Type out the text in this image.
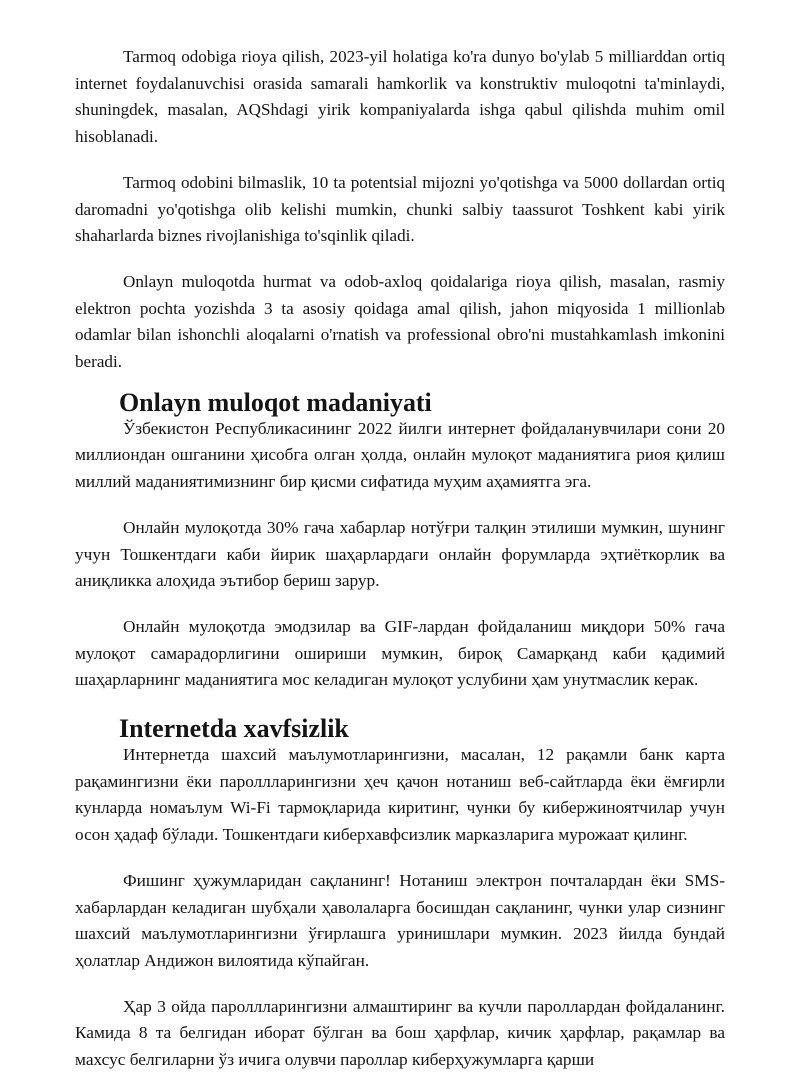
Tarmoq odobiga rioya qilish, 2023-yil holatiga ko'ra dunyo bo'ylab 5 milliarddan ortiq internet foydalanuvchisi orasida samarali hamkorlik va konstruktiv muloqotni ta'minlaydi, shuningdek, masalan, AQShdagi yirik kompaniyalarda ishga qabul qilishda muhim omil hisoblanadi.

Tarmoq odobini bilmaslik, 10 ta potentsial mijozni yo'qotishga va 5000 dollardan ortiq daromadni yo'qotishga olib kelishi mumkin, chunki salbiy taassurot Toshkent kabi yirik shaharlarda biznes rivojlanishiga to'sqinlik qiladi.

Onlayn muloqotda hurmat va odob-axloq qoidalariga rioya qilish, masalan, rasmiy elektron pochta yozishda 3 ta asosiy qoidaga amal qilish, jahon miqyosida 1 millionlab odamlar bilan ishonchli aloqalarni o'rnatish va professional obro'ni mustahkamlash imkonini beradi.

Onlayn muloqot madaniyati

Ўзбекистон Республикасининг 2022 йилги интернет фойдаланувчилари сони 20 миллиондан ошганини ҳисобга олган ҳолда, онлайн мулоқот маданиятига риоя қилиш миллий маданиятимизнинг бир қисми сифатида муҳим аҳамиятга эга.

Онлайн мулоқотда 30% гача хабарлар нотўғри талқин этилиши мумкин, шунинг учун Тошкентдаги каби йирик шаҳарлардаги онлайн форумларда эҳтиёткорлик ва аниқликка алоҳида эътибор бериш зарур.

Онлайн мулоқотда эмодзилар ва GIF-лардан фойдаланиш миқдори 50% гача мулоқот самарадорлигини ошириши мумкин, бироқ Самарқанд каби қадимий шаҳарларнинг маданиятига мос келадиган мулоқот услубини ҳам унутмаслик керак.

Internetda xavfsizlik

Интернетда шахсий маълумотларингизни, масалан, 12 рақамли банк карта рақамингизни ёки пароллларингизни ҳеч қачон нотаниш веб-сайтларда ёки ёмғирли кунларда номаълум Wi-Fi тармоқларида киритинг, чунки бу кибержиноятчилар учун осон ҳадаф бўлади. Тошкентдаги киберхавфсизлик марказларига мурожаат қилинг.

Фишинг ҳужумларидан сақланинг! Нотаниш электрон почталардан ёки SMS-хабарлардан келадиган шубҳали ҳаволаларга босишдан сақланинг, чунки улар сизнинг шахсий маълумотларингизни ўғирлашга уринишлари мумкин. 2023 йилда бундай ҳолатлар Андижон вилоятида кўпайган.

Ҳар 3 ойда пароллларингизни алмаштиринг ва кучли пароллардан фойдаланинг. Камида 8 та белгидан иборат бўлган ва бош ҳарфлар, кичик ҳарфлар, рақамлар ва махсус белгиларни ўз ичига олувчи пароллар киберҳужумларга қарши
